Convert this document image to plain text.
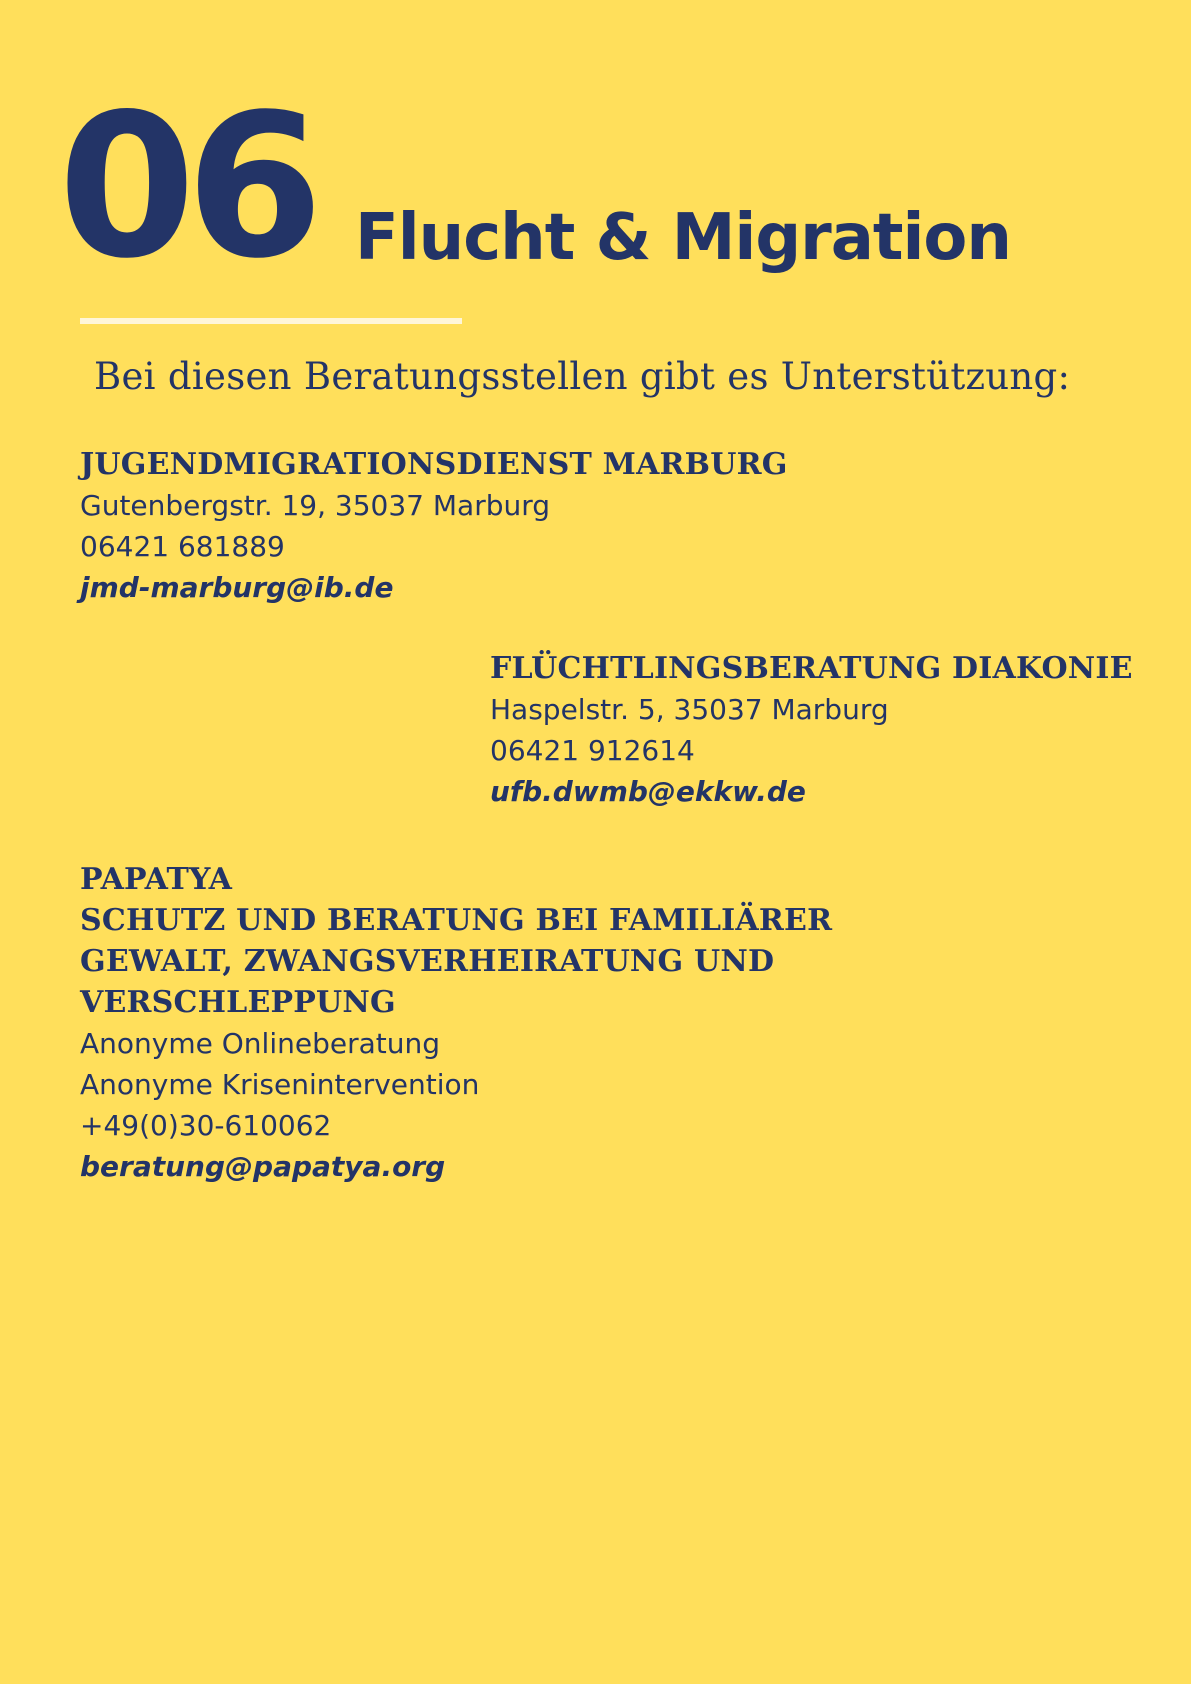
06 Flucht & Migration
Bei diesen Beratungsstellen gibt es Unterstützung:
JUGENDMIGRATIONSDIENST MARBURG
Gutenbergstr. 19, 35037 Marburg
06421 681889
jmd-marburg@ib.de
FLÜCHTLINGSBERATUNG DIAKONIE
Haspelstr. 5, 35037 Marburg
06421 912614
ufb.dwmb@ekkw.de
PAPATYA
SCHUTZ UND BERATUNG BEI FAMILIÄRER
GEWALT, ZWANGSVERHEIRATUNG UND
VERSCHLEPPUNG
Anonyme Onlineberatung
Anonyme Krisenintervention
+49(0)30-610062
beratung@papatya.org
